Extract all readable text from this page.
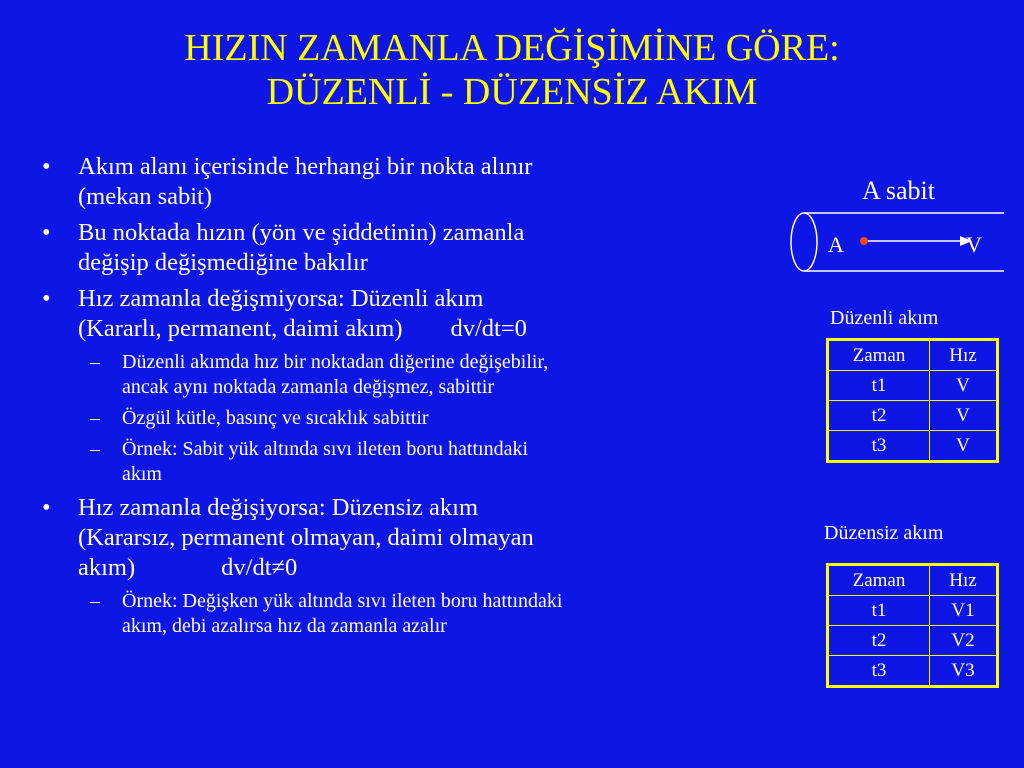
HIZIN ZAMANLA DEĞİŞİMİNE GÖRE:
DÜZENLİ - DÜZENSİZ AKIM
• Akım alanı içerisinde herhangi bir nokta alınır
(mekan sabit)
• Bu noktada hızın (yön ve şiddetinin) zamanla
değişip değişmediğine bakılır
• Hız zamanla değişmiyorsa: Düzenli akım
(Kararlı, permanent, daimi akım) dv/dt=0
– Düzenli akımda hız bir noktadan diğerine değişebilir,
ancak aynı noktada zamanla değişmez, sabittir
– Özgül kütle, basınç ve sıcaklık sabittir
– Örnek: Sabit yük altında sıvı ileten boru hattındaki
akım
• Hız zamanla değişiyorsa: Düzensiz akım
(Kararsız, permanent olmayan, daimi olmayan
akım)	dv/dt≠0
– Örnek: Değişken yük altında sıvı ileten boru hattındaki
akım, debi azalırsa hız da zamanla azalır
A sabit
A	V
Düzenli akım
Zaman	Hız
t1	V
t2	V
t3	V
Düzensiz akım
Zaman	Hız
t1	V1
t2	V2
t3	V3
